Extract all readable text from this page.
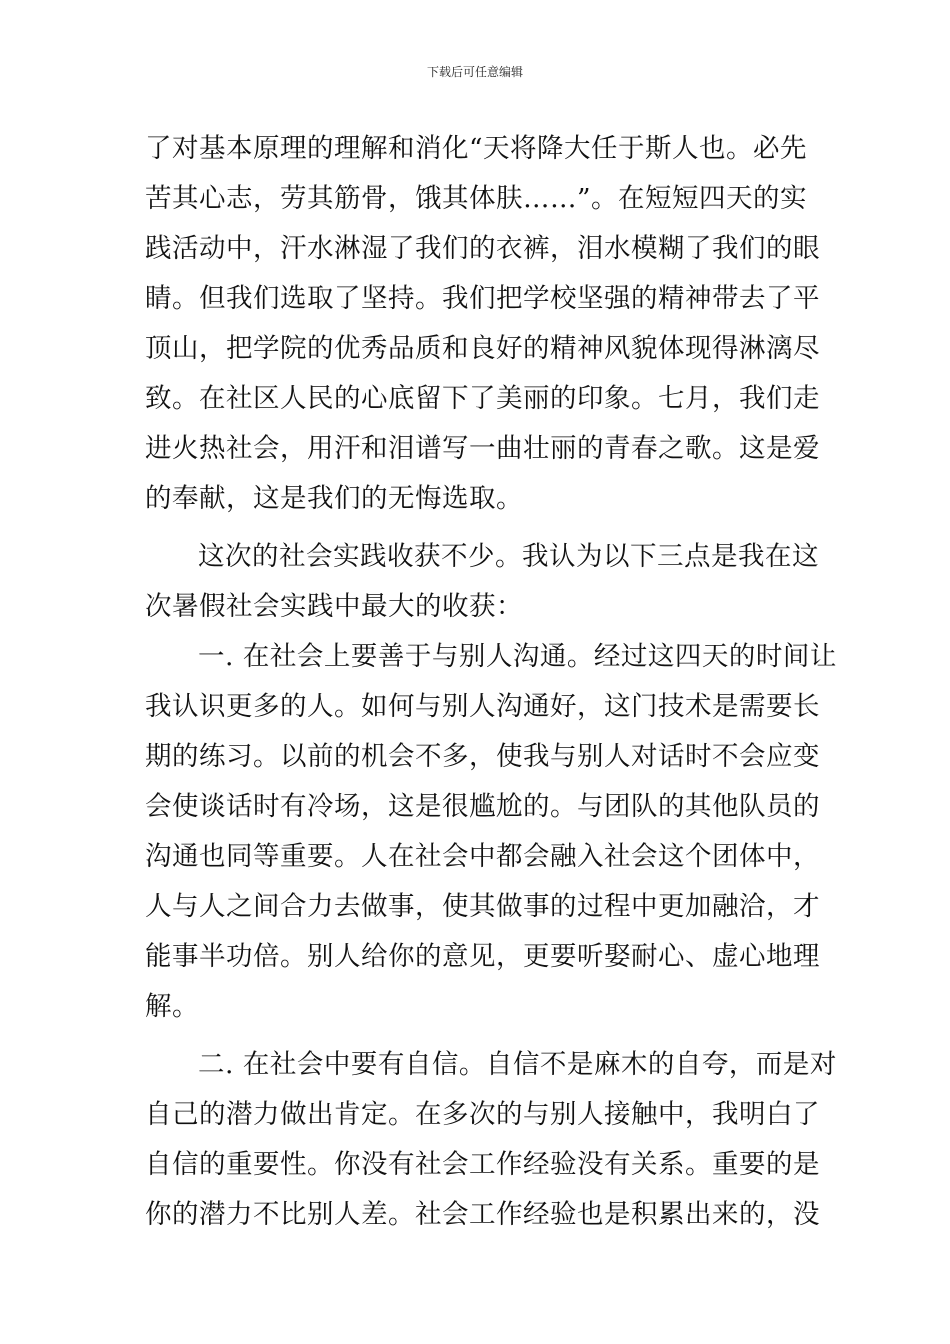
下载后可任意编辑
了对基本原理的理解和消化“天将降大任于斯人也。必先
苦其心志，劳其筋骨，饿其体肤……”。在短短四天的实
践活动中，汗水淋湿了我们的衣裤，泪水模糊了我们的眼
睛。但我们选取了坚持。我们把学校坚强的精神带去了平
顶山，把学院的优秀品质和良好的精神风貌体现得淋漓尽
致。在社区人民的心底留下了美丽的印象。七月，我们走
进火热社会，用汗和泪谱写一曲壮丽的青春之歌。这是爱
的奉献，这是我们的无悔选取。
这次的社会实践收获不少。我认为以下三点是我在这
次暑假社会实践中最大的收获：
一. 在社会上要善于与别人沟通。经过这四天的时间让
我认识更多的人。如何与别人沟通好，这门技术是需要长
期的练习。以前的机会不多，使我与别人对话时不会应变
会使谈话时有冷场，这是很尴尬的。与团队的其他队员的
沟通也同等重要。人在社会中都会融入社会这个团体中，
人与人之间合力去做事，使其做事的过程中更加融洽，才
能事半功倍。别人给你的意见，更要听娶耐心、虚心地理
解。
二. 在社会中要有自信。自信不是麻木的自夸，而是对
自己的潜力做出肯定。在多次的与别人接触中，我明白了
自信的重要性。你没有社会工作经验没有关系。重要的是
你的潜力不比别人差。社会工作经验也是积累出来的，没
